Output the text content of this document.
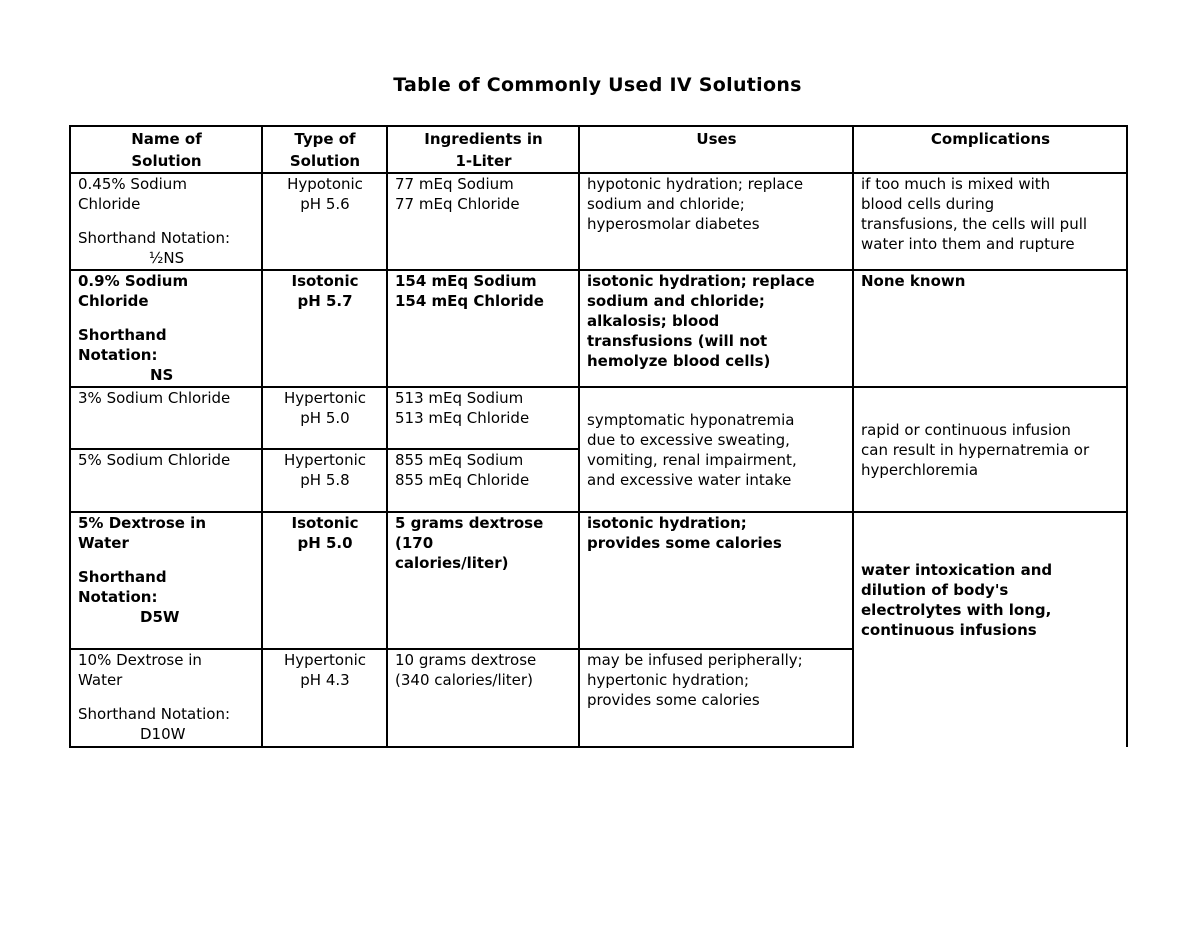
Table of Commonly Used IV Solutions
Name of
Solution	Type of
Solution	Ingredients in
1-Liter	Uses	Complications

0.45% Sodium
Chloride
Shorthand Notation:
½NS	Hypotonic
pH 5.6	77 mEq Sodium
77 mEq Chloride	hypotonic hydration; replace
sodium and chloride;
hyperosmolar diabetes	if too much is mixed with
blood cells during
transfusions, the cells will pull
water into them and rupture

0.9% Sodium
Chloride
Shorthand
Notation:
NS	Isotonic
pH 5.7	154 mEq Sodium
154 mEq Chloride	isotonic hydration; replace
sodium and chloride;
alkalosis; blood
transfusions (will not
hemolyze blood cells)	None known

3% Sodium Chloride	Hypertonic
pH 5.0	513 mEq Sodium
513 mEq Chloride	symptomatic hyponatremia
due to excessive sweating,
vomiting, renal impairment,
and excessive water intake	rapid or continuous infusion
can result in hypernatremia or
hyperchloremia

5% Sodium Chloride	Hypertonic
pH 5.8	855 mEq Sodium
855 mEq Chloride		

5% Dextrose in
Water
Shorthand
Notation:
D5W	Isotonic
pH 5.0	5 grams dextrose
(170
calories/liter)	isotonic hydration;
provides some calories	water intoxication and
dilution of body's
electrolytes with long,
continuous infusions

10% Dextrose in
Water
Shorthand Notation:
D10W	Hypertonic
pH 4.3	10 grams dextrose
(340 calories/liter)	may be infused peripherally;
hypertonic hydration;
provides some calories	
